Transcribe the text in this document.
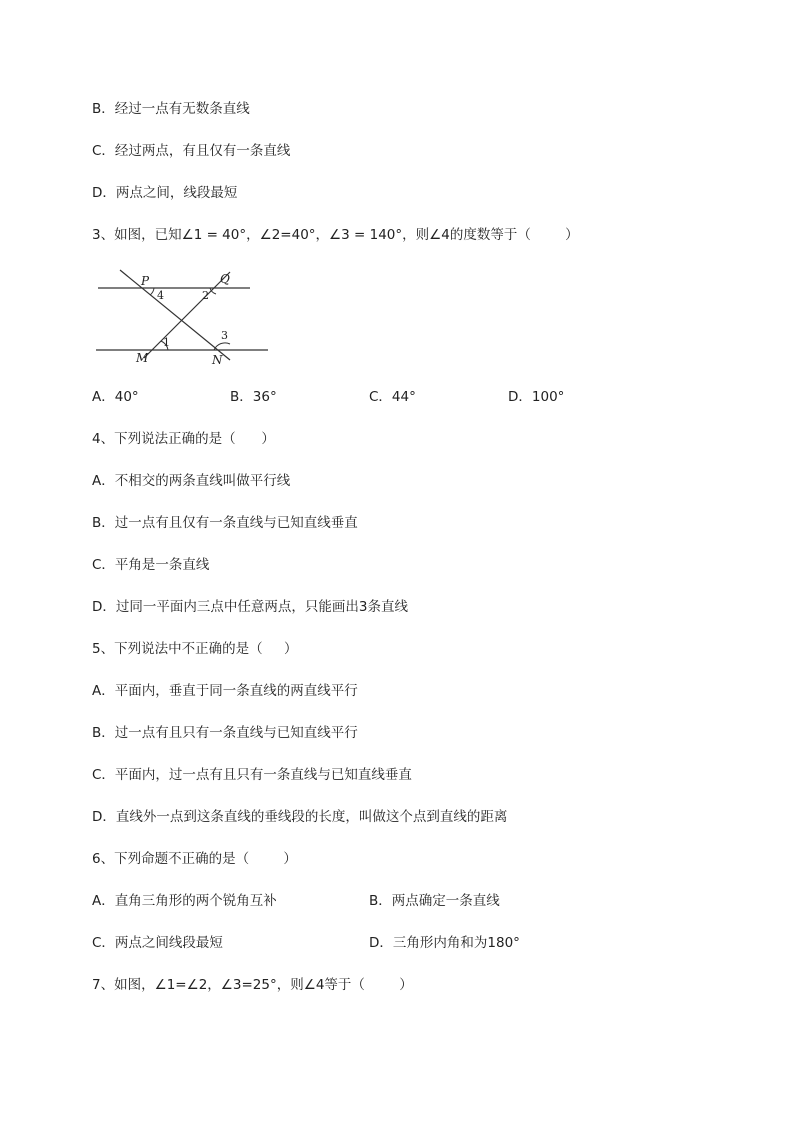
B．经过一点有无数条直线
C．经过两点，有且仅有一条直线
D．两点之间，线段最短
3、如图，已知∠1 = 40°，∠2=40°，∠3 = 140°，则∠4的度数等于（        ）
P	Q
M	N
4	2
1
3
A．40°	B．36°	C．44°	D．100°
4、下列说法正确的是（      ）
A．不相交的两条直线叫做平行线
B．过一点有且仅有一条直线与已知直线垂直
C．平角是一条直线
D．过同一平面内三点中任意两点，只能画出3条直线
5、下列说法中不正确的是（     ）
A．平面内，垂直于同一条直线的两直线平行
B．过一点有且只有一条直线与已知直线平行
C．平面内，过一点有且只有一条直线与已知直线垂直
D．直线外一点到这条直线的垂线段的长度，叫做这个点到直线的距离
6、下列命题不正确的是（        ）
A．直角三角形的两个锐角互补	B．两点确定一条直线
C．两点之间线段最短	D．三角形内角和为180°
7、如图，∠1=∠2，∠3=25°，则∠4等于（        ）
